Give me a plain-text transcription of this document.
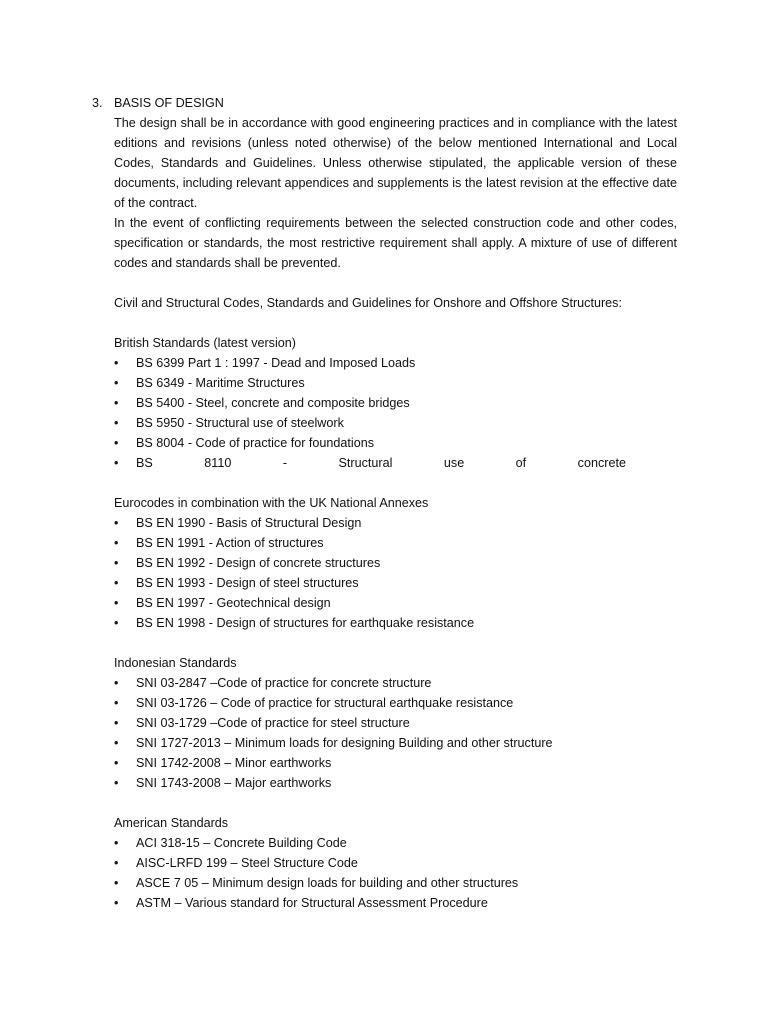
3. BASIS OF DESIGN

The design shall be in accordance with good engineering practices and in compliance with the latest editions and revisions (unless noted otherwise) of the below mentioned International and Local Codes, Standards and Guidelines. Unless otherwise stipulated, the applicable version of these documents, including relevant appendices and supplements is the latest revision at the effective date of the contract.

In the event of conflicting requirements between the selected construction code and other codes, specification or standards, the most restrictive requirement shall apply. A mixture of use of different codes and standards shall be prevented.

Civil and Structural Codes, Standards and Guidelines for Onshore and Offshore Structures:

British Standards (latest version)

• BS 6399 Part 1 : 1997 - Dead and Imposed Loads
• BS 6349 - Maritime Structures
• BS 5400 - Steel, concrete and composite bridges
• BS 5950 - Structural use of steelwork
• BS 8004 - Code of practice for foundations
• BS	8110	-	Structural	use	of	concrete

Eurocodes in combination with the UK National Annexes

• BS EN 1990 - Basis of Structural Design
• BS EN 1991 - Action of structures
• BS EN 1992 - Design of concrete structures
• BS EN 1993 - Design of steel structures
• BS EN 1997 - Geotechnical design
• BS EN 1998 - Design of structures for earthquake resistance

Indonesian Standards

• SNI 03-2847 –Code of practice for concrete structure
• SNI 03-1726 – Code of practice for structural earthquake resistance
• SNI 03-1729 –Code of practice for steel structure
• SNI 1727-2013 – Minimum loads for designing Building and other structure
• SNI 1742-2008 – Minor earthworks
• SNI 1743-2008 – Major earthworks

American Standards

• ACI 318-15 – Concrete Building Code
• AISC-LRFD 199 – Steel Structure Code
• ASCE 7 05 – Minimum design loads for building and other structures
• ASTM – Various standard for Structural Assessment Procedure
